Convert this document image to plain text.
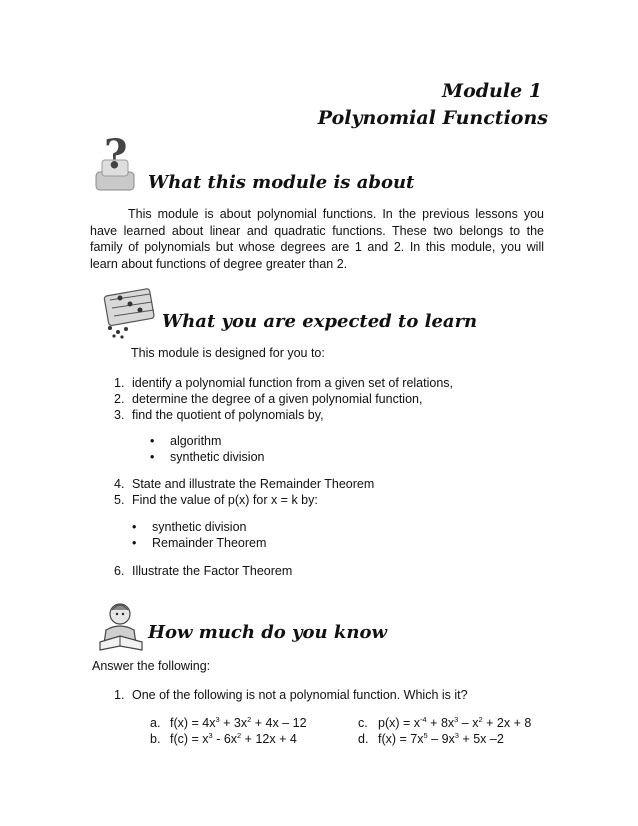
Module 1
Polynomial Functions
?
What this module is about
This module is about polynomial functions. In the previous lessons you have learned about linear and quadratic functions. These two belongs to the family of polynomials but whose degrees are 1 and 2. In this module, you will learn about functions of degree greater than 2.
What you are expected to learn
This module is designed for you to:
1. identify a polynomial function from a given set of relations,
2. determine the degree of a given polynomial function,
3. find the quotient of polynomials by,
• algorithm
• synthetic division
4. State and illustrate the Remainder Theorem
5. Find the value of p(x) for x = k by:
• synthetic division
• Remainder Theorem
6. Illustrate the Factor Theorem
How much do you know
Answer the following:
1. One of the following is not a polynomial function. Which is it?
a. $f(x) = 4x^3 + 3x^2 + 4x - 12$
b. $f(c) = x^3 - 6x^2 + 12x + 4$
c. $p(x) = x^{-4} + 8x^3 - x^2 + 2x + 8$
d. $f(x) = 7x^5 - 9x^3 + 5x$ –2
